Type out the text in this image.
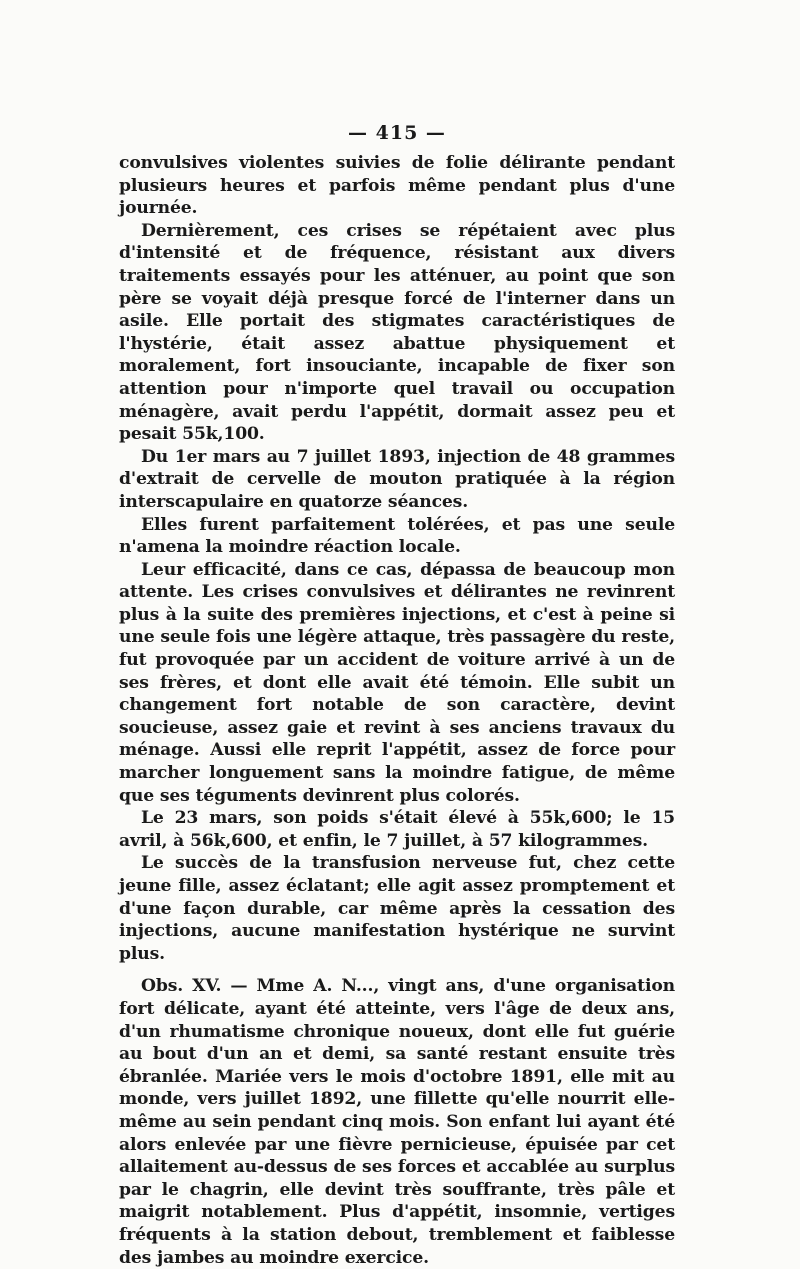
— 415 —

convulsives violentes suivies de folie délirante pendant plusieurs heures et parfois même pendant plus d'une journée.

Dernièrement, ces crises se répétaient avec plus d'intensité et de fréquence, résistant aux divers traitements essayés pour les atténuer, au point que son père se voyait déjà presque forcé de l'interner dans un asile. Elle portait des stigmates caractéristiques de l'hystérie, était assez abattue physiquement et moralement, fort insouciante, incapable de fixer son attention pour n'importe quel travail ou occupation ménagère, avait perdu l'appétit, dormait assez peu et pesait 55k,100.

Du 1er mars au 7 juillet 1893, injection de 48 grammes d'extrait de cervelle de mouton pratiquée à la région interscapulaire en quatorze séances.

Elles furent parfaitement tolérées, et pas une seule n'amena la moindre réaction locale.

Leur efficacité, dans ce cas, dépassa de beaucoup mon attente. Les crises convulsives et délirantes ne revinrent plus à la suite des premières injections, et c'est à peine si une seule fois une légère attaque, très passagère du reste, fut provoquée par un accident de voiture arrivé à un de ses frères, et dont elle avait été témoin. Elle subit un changement fort notable de son caractère, devint soucieuse, assez gaie et revint à ses anciens travaux du ménage. Aussi elle reprit l'appétit, assez de force pour marcher longuement sans la moindre fatigue, de même que ses téguments devinrent plus colorés.

Le 23 mars, son poids s'était élevé à 55k,600; le 15 avril, à 56k,600, et enfin, le 7 juillet, à 57 kilogrammes.

Le succès de la transfusion nerveuse fut, chez cette jeune fille, assez éclatant; elle agit assez promptement et d'une façon durable, car même après la cessation des injections, aucune manifestation hystérique ne survint plus.

Obs. XV. — Mme A. N..., vingt ans, d'une organisation fort délicate, ayant été atteinte, vers l'âge de deux ans, d'un rhumatisme chronique noueux, dont elle fut guérie au bout d'un an et demi, sa santé restant ensuite très ébranlée. Mariée vers le mois d'octobre 1891, elle mit au monde, vers juillet 1892, une fillette qu'elle nourrit elle-même au sein pendant cinq mois. Son enfant lui ayant été alors enlevée par une fièvre pernicieuse, épuisée par cet allaitement au-dessus de ses forces et accablée au surplus par le chagrin, elle devint très souffrante, très pâle et maigrit notablement. Plus d'appétit, insomnie, vertiges fréquents à la station debout, tremblement et faiblesse des jambes au moindre exercice.
